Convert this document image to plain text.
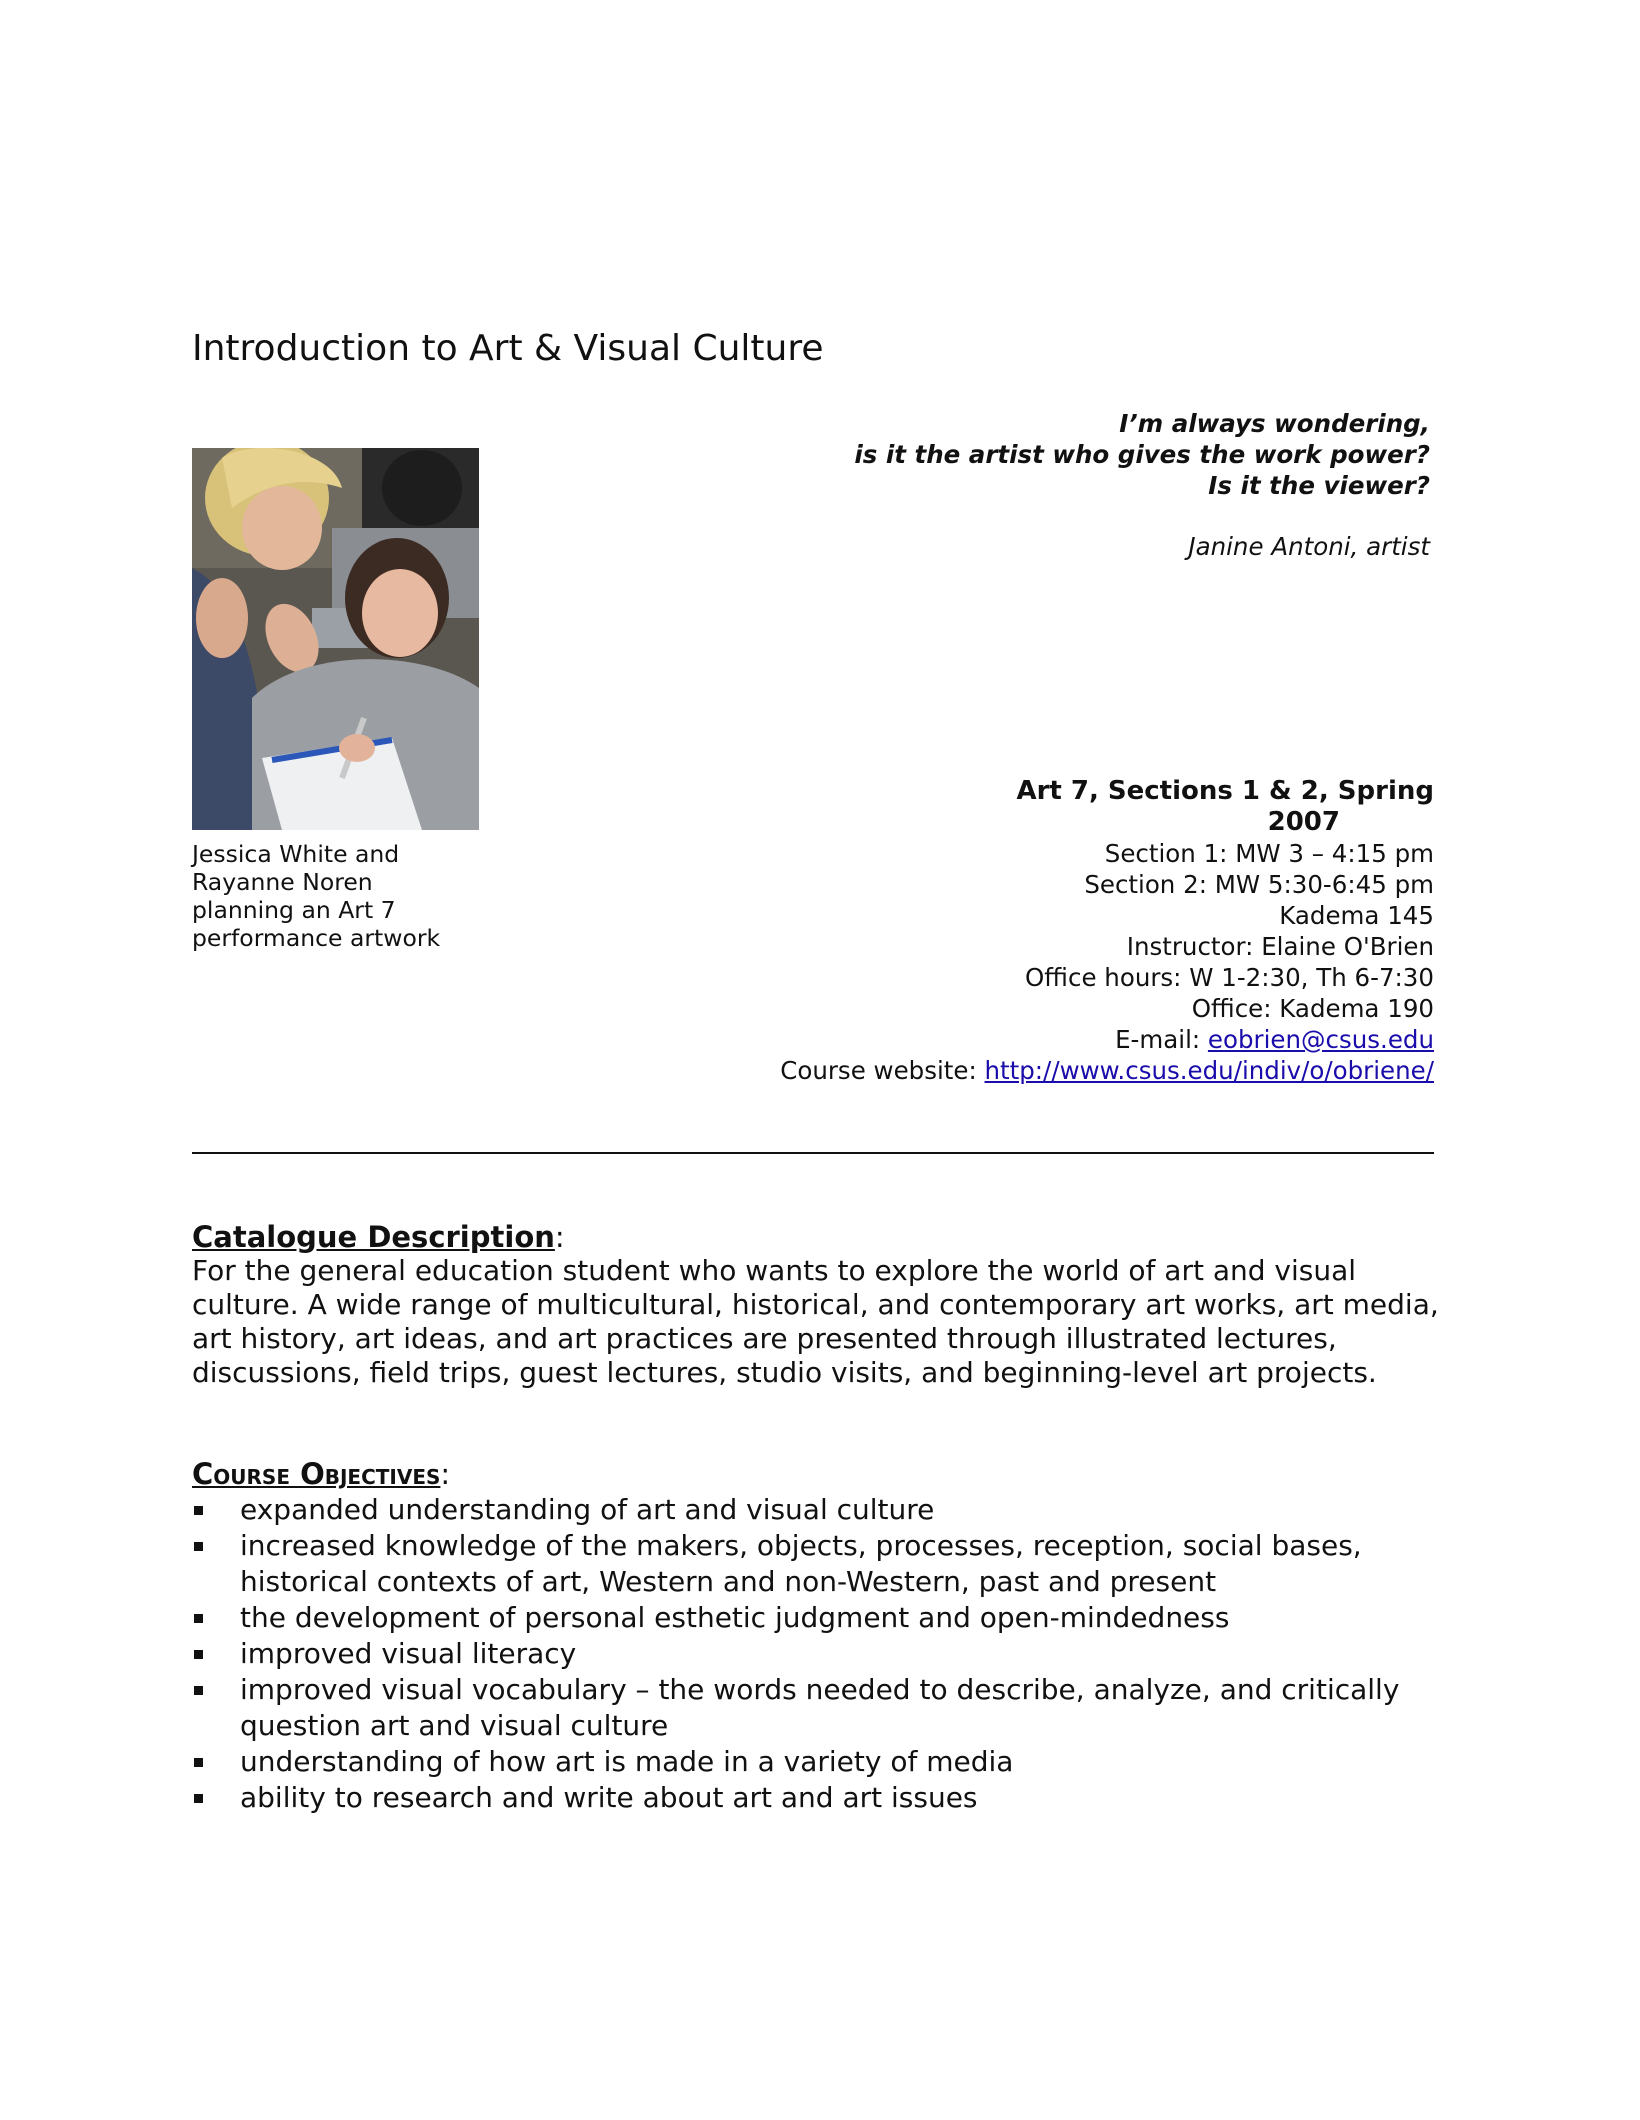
Introduction to Art & Visual Culture
I’m always wondering,
is it the artist who gives the work power?
Is it the viewer?
Janine Antoni, artist
Jessica White and
Rayanne Noren
planning an Art 7
performance artwork
Art 7, Sections 1 & 2, Spring
2007
Section 1: MW 3 – 4:15 pm
Section 2: MW 5:30-6:45 pm
Kadema 145
Instructor: Elaine O'Brien
Office hours: W 1-2:30, Th 6-7:30
Office: Kadema 190
E-mail: eobrien@csus.edu
Course website: http://www.csus.edu/indiv/o/obriene/
Catalogue Description:

For the general education student who wants to explore the world of art and visual culture. A wide range of multicultural, historical, and contemporary art works, art media, art history, art ideas, and art practices are presented through illustrated lectures, discussions, field trips, guest lectures, studio visits, and beginning-level art projects.

Course Objectives:
expanded understanding of art and visual culture
increased knowledge of the makers, objects, processes, reception, social bases, historical contexts of art, Western and non-Western, past and present
the development of personal esthetic judgment and open-mindedness
improved visual literacy
improved visual vocabulary – the words needed to describe, analyze, and critically question art and visual culture
understanding of how art is made in a variety of media
ability to research and write about art and art issues
